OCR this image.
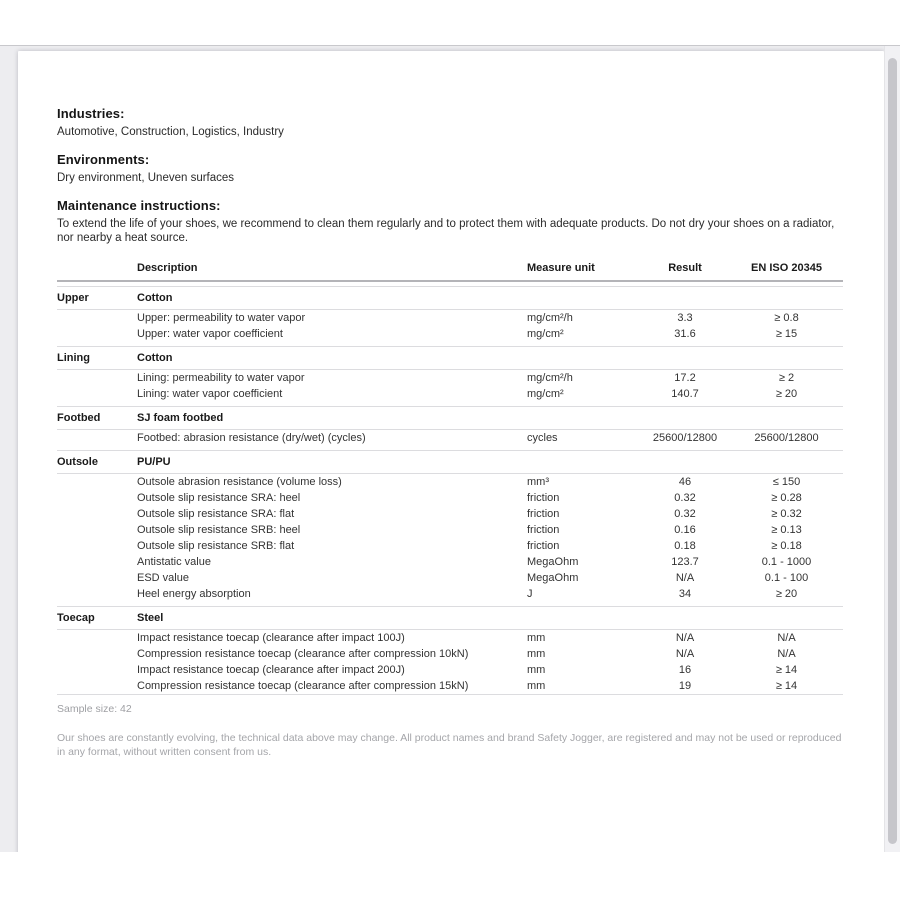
Industries:

Automotive, Construction, Logistics, Industry

Environments:

Dry environment, Uneven surfaces

Maintenance instructions:

To extend the life of your shoes, we recommend to clean them regularly and to protect them with adequate products. Do not dry your shoes on a radiator, nor nearby a heat source.

	Description	Measure unit	Result	EN ISO 20345
Upper	Cotton			
	Upper: permeability to water vapor	mg/cm²/h	3.3	≥ 0.8
	Upper: water vapor coefficient	mg/cm²	31.6	≥ 15
Lining	Cotton			
	Lining: permeability to water vapor	mg/cm²/h	17.2	≥ 2
	Lining: water vapor coefficient	mg/cm²	140.7	≥ 20
Footbed	SJ foam footbed			
	Footbed: abrasion resistance (dry/wet) (cycles)	cycles	25600/12800	25600/12800
Outsole	PU/PU			
	Outsole abrasion resistance (volume loss)	mm³	46	≤ 150
	Outsole slip resistance SRA: heel	friction	0.32	≥ 0.28
	Outsole slip resistance SRA: flat	friction	0.32	≥ 0.32
	Outsole slip resistance SRB: heel	friction	0.16	≥ 0.13
	Outsole slip resistance SRB: flat	friction	0.18	≥ 0.18
	Antistatic value	MegaOhm	123.7	0.1 - 1000
	ESD value	MegaOhm	N/A	0.1 - 100
	Heel energy absorption	J	34	≥ 20
Toecap	Steel			
	Impact resistance toecap (clearance after impact 100J)	mm	N/A	N/A
	Compression resistance toecap (clearance after compression 10kN)	mm	N/A	N/A
	Impact resistance toecap (clearance after impact 200J)	mm	16	≥ 14
	Compression resistance toecap (clearance after compression 15kN)	mm	19	≥ 14

Sample size: 42

Our shoes are constantly evolving, the technical data above may change. All product names and brand Safety Jogger, are registered and may not be used or reproduced in any format, without written consent from us.
